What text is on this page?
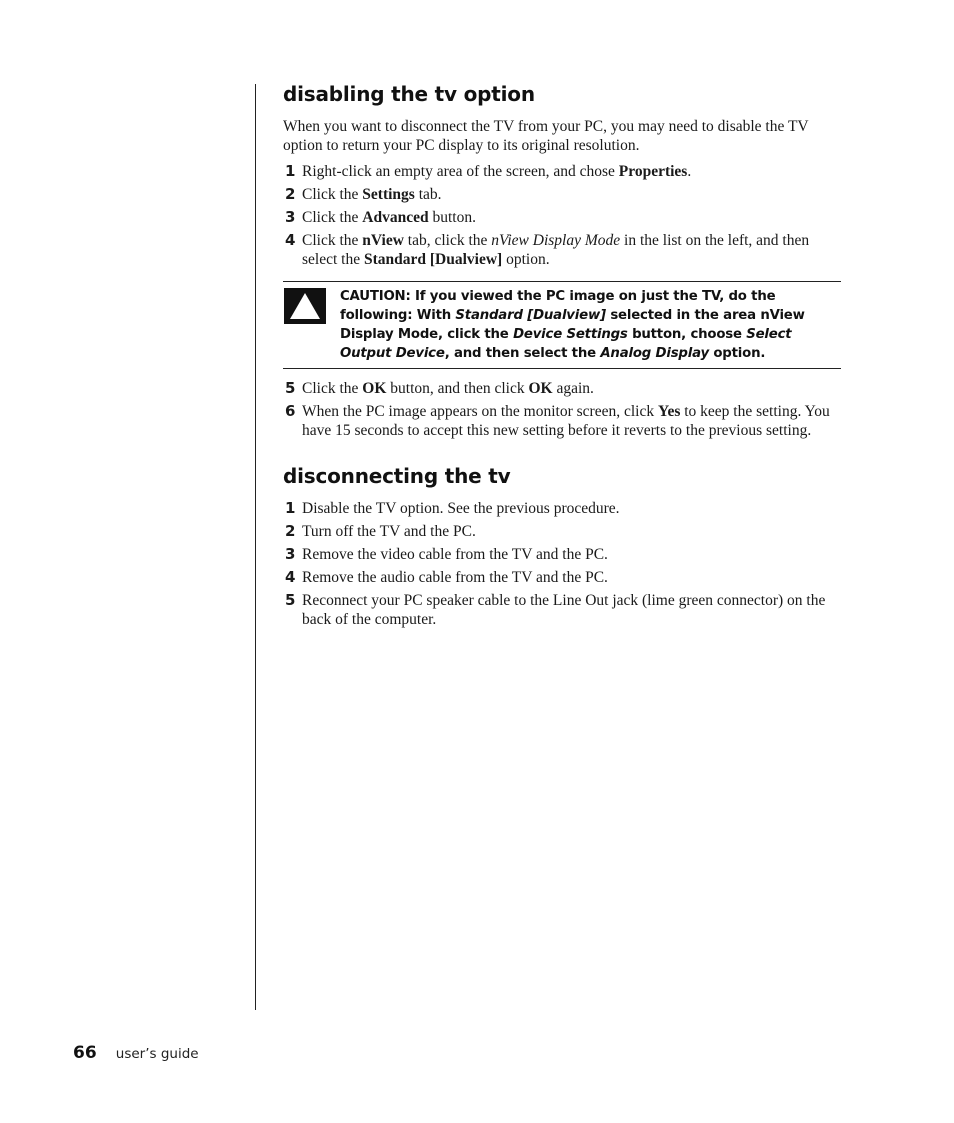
disabling the tv option

When you want to disconnect the TV from your PC, you may need to disable the TV option to return your PC display to its original resolution.

1 Right-click an empty area of the screen, and chose Properties.
2 Click the Settings tab.
3 Click the Advanced button.
4 Click the nView tab, click the nView Display Mode in the list on the left, and then select the Standard [Dualview] option.
CAUTION: If you viewed the PC image on just the TV, do the following: With Standard [Dualview] selected in the area nView Display Mode, click the Device Settings button, choose Select Output Device, and then select the Analog Display option.
5 Click the OK button, and then click OK again.
6 When the PC image appears on the monitor screen, click Yes to keep the setting. You have 15 seconds to accept this new setting before it reverts to the previous setting.
disconnecting the tv
1 Disable the TV option. See the previous procedure.
2 Turn off the TV and the PC.
3 Remove the video cable from the TV and the PC.
4 Remove the audio cable from the TV and the PC.
5 Reconnect your PC speaker cable to the Line Out jack (lime green connector) on the back of the computer.
66 user’s guide
